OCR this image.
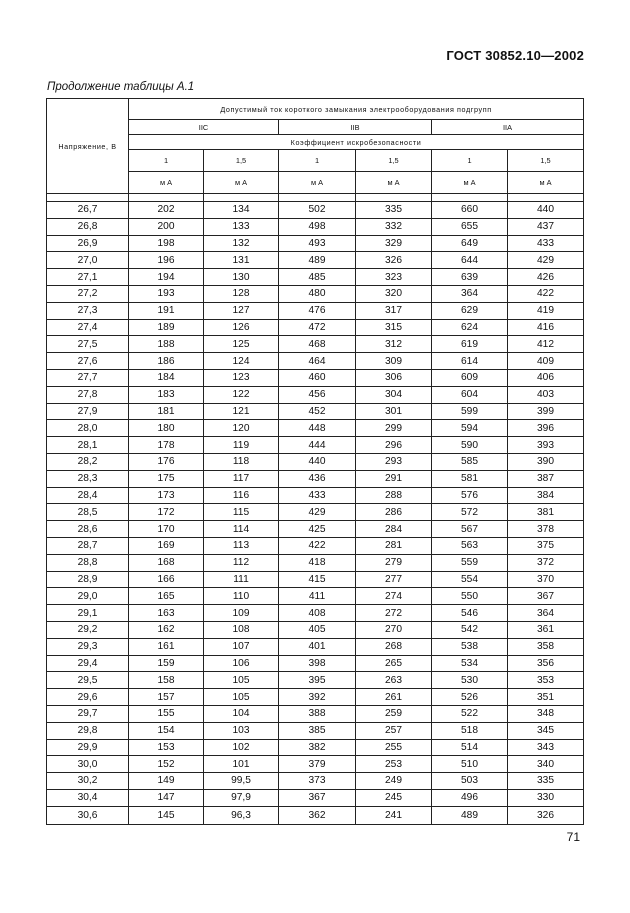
ГОСТ 30852.10—2002
Продолжение таблицы А.1
Напряжение, В	Допустимый ток короткого замыкания электрооборудования подгрупп					
	IIC		IIB		IIA	
	Коэффициент искробезопасности					
	1	1,5	1	1,5	1	1,5
	м А	м А	м А	м А	м А	м А

26,7	202	134	502	335	660	440
26,8	200	133	498	332	655	437
26,9	198	132	493	329	649	433
27,0	196	131	489	326	644	429
27,1	194	130	485	323	639	426
27,2	193	128	480	320	364	422
27,3	191	127	476	317	629	419
27,4	189	126	472	315	624	416
27,5	188	125	468	312	619	412
27,6	186	124	464	309	614	409
27,7	184	123	460	306	609	406
27,8	183	122	456	304	604	403
27,9	181	121	452	301	599	399
28,0	180	120	448	299	594	396
28,1	178	119	444	296	590	393
28,2	176	118	440	293	585	390
28,3	175	117	436	291	581	387
28,4	173	116	433	288	576	384
28,5	172	115	429	286	572	381
28,6	170	114	425	284	567	378
28,7	169	113	422	281	563	375
28,8	168	112	418	279	559	372
28,9	166	111	415	277	554	370
29,0	165	110	411	274	550	367
29,1	163	109	408	272	546	364
29,2	162	108	405	270	542	361
29,3	161	107	401	268	538	358
29,4	159	106	398	265	534	356
29,5	158	105	395	263	530	353
29,6	157	105	392	261	526	351
29,7	155	104	388	259	522	348
29,8	154	103	385	257	518	345
29,9	153	102	382	255	514	343
30,0	152	101	379	253	510	340
30,2	149	99,5	373	249	503	335
30,4	147	97,9	367	245	496	330
30,6	145	96,3	362	241	489	326
71
